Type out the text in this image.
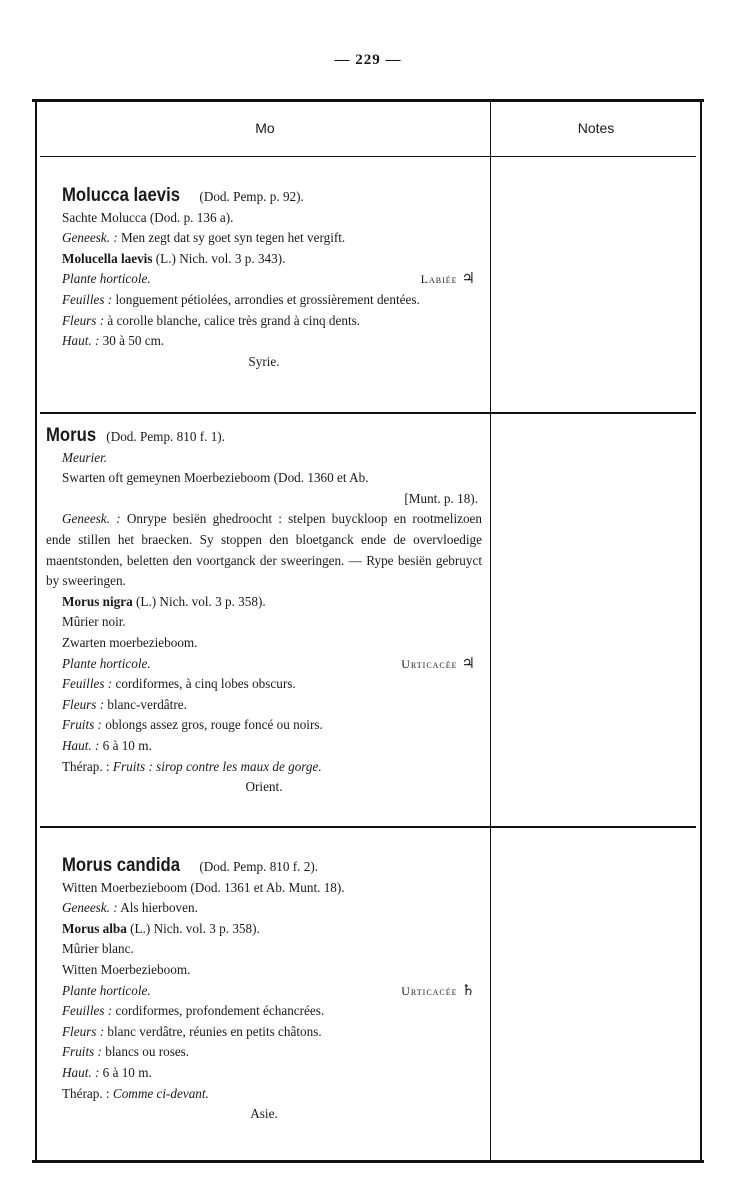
— 229 —
Mo	Notes
Molucca laevis (Dod. Pemp. p. 92).
Sachte Molucca (Dod. p. 136 a).
Geneesk. : Men zegt dat sy goet syn tegen het vergift.
Molucella laevis (L.) Nich. vol. 3 p. 343).
Plante horticole.	Labiée ♃
Feuilles : longuement pétiolées, arrondies et grossièrement dentées.
Fleurs : à corolle blanche, calice très grand à cinq dents.
Haut. : 30 à 50 cm.
Syrie.
Morus (Dod. Pemp. 810 f. 1).
Meurier.
Swarten oft gemeynen Moerbezieboom (Dod. 1360 et Ab.
[Munt. p. 18).
Geneesk. : Onrype besiën ghedroocht : stelpen buyckloop en rootmelizoen ende stillen het braecken. Sy stoppen den bloetganck ende de overvloedige maentstonden, beletten den voortganck der sweeringen. — Rype besiën gebruyct by sweeringen.
Morus nigra (L.) Nich. vol. 3 p. 358).
Mûrier noir.
Zwarten moerbezieboom.
Plante horticole.	Urticacée ♃
Feuilles : cordiformes, à cinq lobes obscurs.
Fleurs : blanc-verdâtre.
Fruits : oblongs assez gros, rouge foncé ou noirs.
Haut. : 6 à 10 m.
Thérap. : Fruits : sirop contre les maux de gorge.
Orient.
Morus candida (Dod. Pemp. 810 f. 2).
Witten Moerbezieboom (Dod. 1361 et Ab. Munt. 18).
Geneesk. : Als hierboven.
Morus alba (L.) Nich. vol. 3 p. 358).
Mûrier blanc.
Witten Moerbezieboom.
Plante horticole.	Urticacée ♄
Feuilles : cordiformes, profondement échancrées.
Fleurs : blanc verdâtre, réunies en petits châtons.
Fruits : blancs ou roses.
Haut. : 6 à 10 m.
Thérap. : Comme ci-devant.
Asie.
